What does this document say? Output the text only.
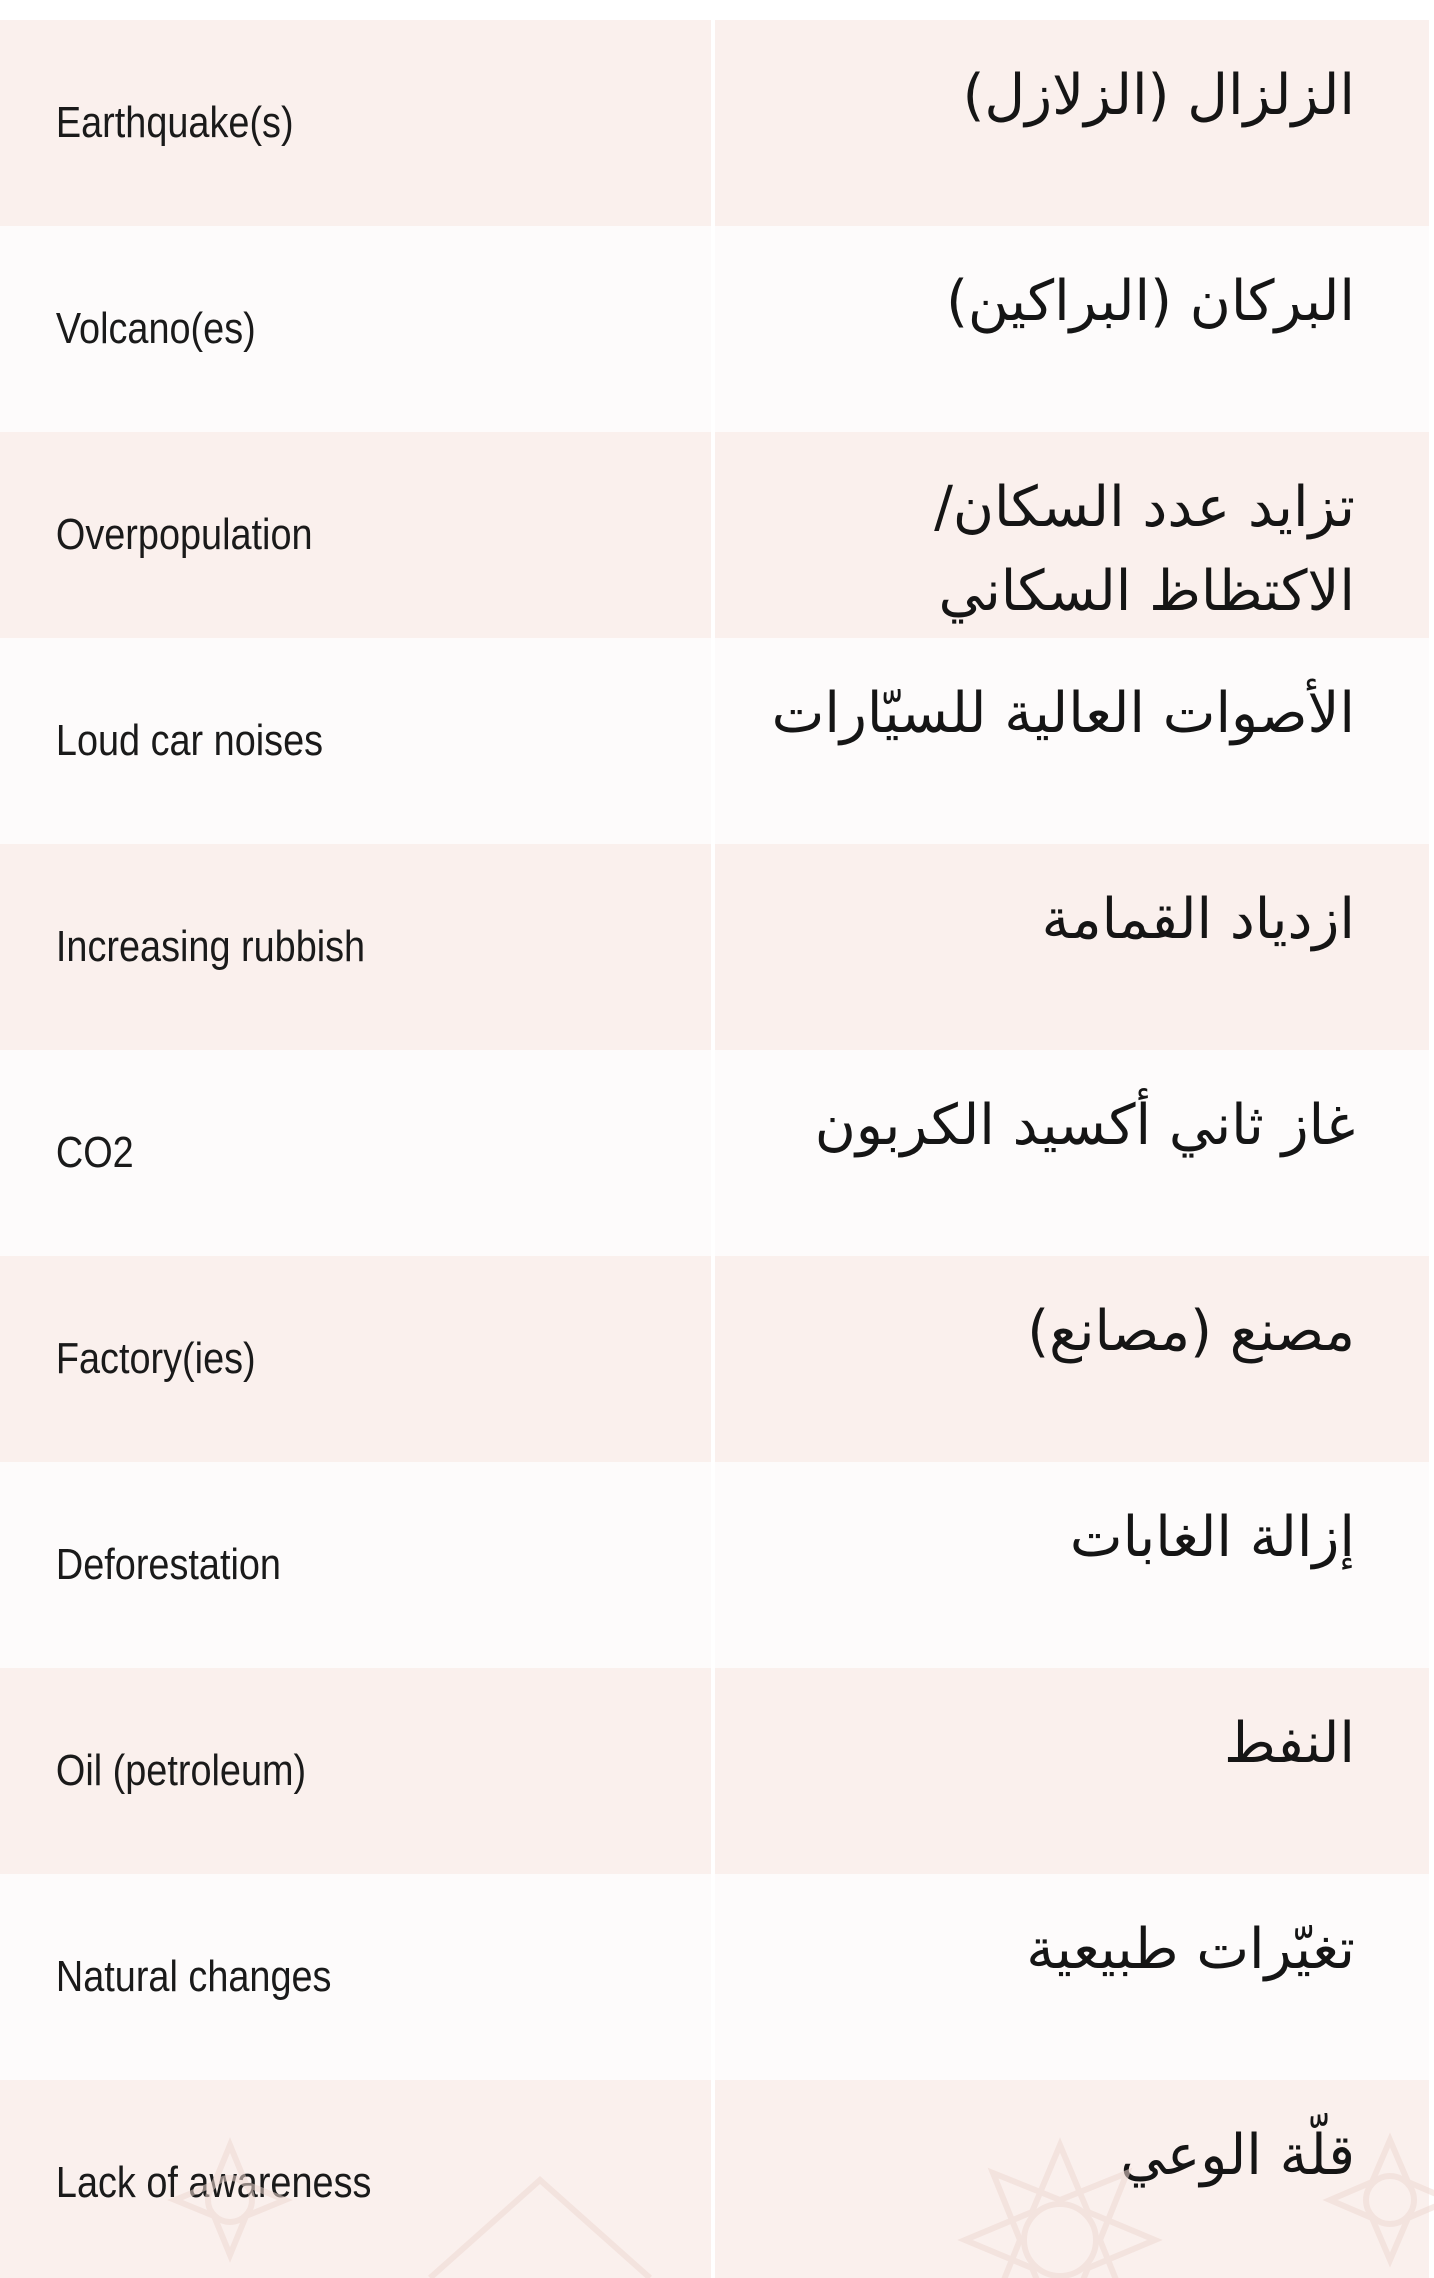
Earthquake(s)	الزلزال (الزلازل)
Volcano(es)	البركان (البراكين)
Overpopulation	تزايد عدد السكان/الاكتظاظ السكاني
Loud car noises	الأصوات العالية للسيّارات
Increasing rubbish	ازدياد القمامة
CO2	غاز ثاني أكسيد الكربون
Factory(ies)	مصنع (مصانع)
Deforestation	إزالة الغابات
Oil (petroleum)	النفط
Natural changes	تغيّرات طبيعية
Lack of awareness	قلّة الوعي
